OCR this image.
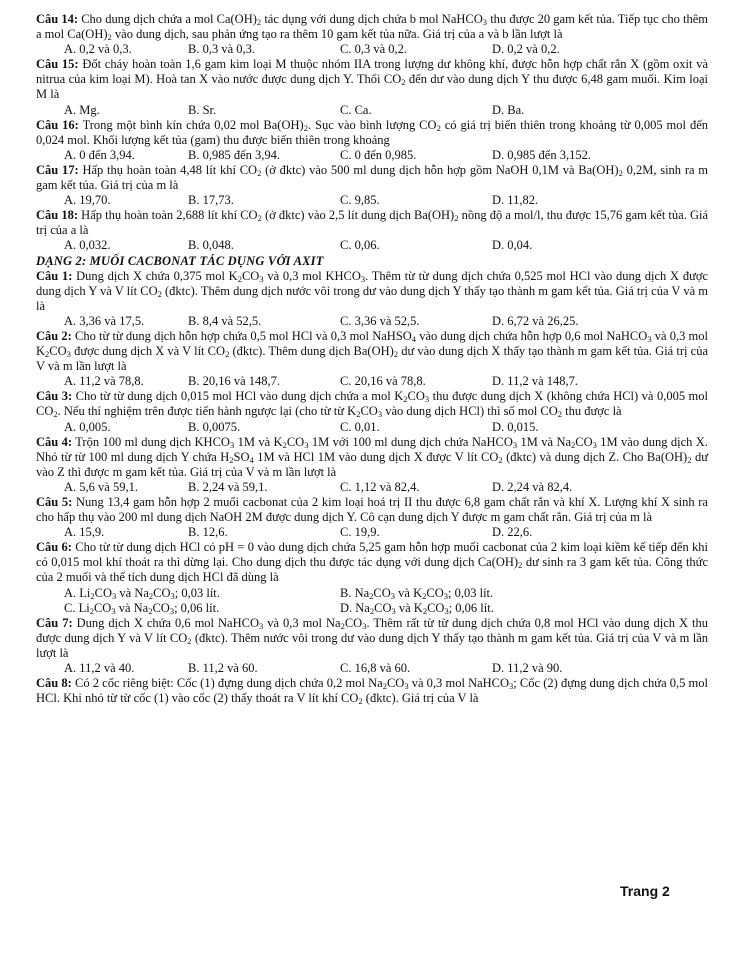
Câu 14: Cho dung dịch chứa a mol $Ca(OH)_2$ tác dụng với dung dịch chứa b mol NaHCO$_3$ thu được 20 gam kết tủa. Tiếp tục cho thêm a mol $Ca(OH)_2$ vào dung dịch, sau phản ứng tạo ra thêm 10 gam kết tủa nữa. Giá trị của a và b lần lượt là

A. 0,2 và 0,3.	B. 0,3 và 0,3.	C. 0,3 và 0,2.	D. 0,2 và 0,2.

Câu 15: Đốt cháy hoàn toàn 1,6 gam kim loại M thuộc nhóm IIA trong lượng dư không khí, được hỗn hợp chất rắn X (gồm oxit và nitrua của kim loại M). Hoà tan X vào nước được dung dịch Y. Thổi $CO_2$ đến dư vào dung dịch Y thu được 6,48 gam muối. Kim loại M là

A. Mg.	B. Sr.	C. Ca.	D. Ba.

Câu 16: Trong một bình kín chứa 0,02 mol $Ba(OH)_2$. Sục vào bình lượng $CO_2$ có giá trị biến thiên trong khoảng từ 0,005 mol đến 0,024 mol. Khối lượng kết tủa (gam) thu được biến thiên trong khoảng

A. 0 đến 3,94.	B. 0,985 đến 3,94.	C. 0 đến 0,985.	D. 0,985 đến 3,152.

Câu 17: Hấp thụ hoàn toàn 4,48 lít khí $CO_2$ (ở đktc) vào 500 ml dung dịch hỗn hợp gồm NaOH 0,1M và $Ba(OH)_2$ 0,2M, sinh ra m gam kết tủa. Giá trị của m là

A. 19,70.	B. 17,73.	C. 9,85.	D. 11,82.

Câu 18: Hấp thụ hoàn toàn 2,688 lít khí $CO_2$ (ở đktc) vào 2,5 lít dung dịch $Ba(OH)_2$ nồng độ a mol/l, thu được 15,76 gam kết tủa. Giá trị của a là

A. 0,032.	B. 0,048.	C. 0,06.	D. 0,04.

DẠNG 2: MUỐI CACBONAT TÁC DỤNG VỚI AXIT

Câu 1: Dung dịch X chứa 0,375 mol $K_2CO_3$ và 0,3 mol $KHCO_3$. Thêm từ từ dung dịch chứa 0,525 mol HCl vào dung dịch X được dung dịch Y và V lít $CO_2$ (đktc). Thêm dung dịch nước vôi trong dư vào dung dịch Y thấy tạo thành m gam kết tủa. Giá trị của V và m là

A. 3,36 và 17,5.	B. 8,4 và 52,5.	C. 3,36 và 52,5.	D. 6,72 và 26,25.

Câu 2: Cho từ từ dung dịch hỗn hợp chứa 0,5 mol HCl và 0,3 mol NaHSO$_4$ vào dung dịch chứa hỗn hợp 0,6 mol NaHCO$_3$ và 0,3 mol $K_2CO_3$ được dung dịch X và V lít $CO_2$ (đktc). Thêm dung dịch $Ba(OH)_2$ dư vào dung dịch X thấy tạo thành m gam kết tủa. Giá trị của V và m lần lượt là

A. 11,2 và 78,8.	B. 20,16 và 148,7.	C. 20,16 và 78,8.	D. 11,2 và 148,7.

Câu 3: Cho từ từ dung dịch 0,015 mol HCl vào dung dịch chứa a mol $K_2CO_3$ thu được dung dịch X (không chứa HCl) và 0,005 mol $CO_2$. Nếu thí nghiệm trên được tiến hành ngược lại (cho từ từ $K_2CO_3$ vào dung dịch HCl) thì số mol $CO_2$ thu được là

A. 0,005.	B. 0,0075.	C. 0,01.	D. 0,015.

Câu 4: Trộn 100 ml dung dịch $KHCO_3$ 1M và $K_2CO_3$ 1M với 100 ml dung dịch chứa NaHCO$_3$ 1M và $Na_2CO_3$ 1M vào dung dịch X. Nhỏ từ từ 100 ml dung dịch Y chứa $H_2SO_4$ 1M và HCl 1M vào dung dịch X được V lít $CO_2$ (đktc) và dung dịch Z. Cho $Ba(OH)_2$ dư vào Z thì được m gam kết tủa. Giá trị của V và m lần lượt là

A. 5,6 và 59,1.	B. 2,24 và 59,1.	C. 1,12 và 82,4.	D. 2,24 và 82,4.

Câu 5: Nung 13,4 gam hỗn hợp 2 muối cacbonat của 2 kim loại hoá trị II thu được 6,8 gam chất rắn và khí X. Lượng khí X sinh ra cho hấp thụ vào 200 ml dung dịch NaOH 2M được dung dịch Y. Cô cạn dung dịch Y được m gam chất rắn. Giá trị của m là

A. 15,9.	B. 12,6.	C. 19,9.	D. 22,6.

Câu 6: Cho từ từ dung dịch HCl có pH = 0 vào dung dịch chứa 5,25 gam hỗn hợp muối cacbonat của 2 kim loại kiềm kế tiếp đến khi có 0,015 mol khí thoát ra thì dừng lại. Cho dung dịch thu được tác dụng với dung dịch $Ca(OH)_2$ dư sinh ra 3 gam kết tủa. Công thức của 2 muối và thể tích dung dịch HCl đã dùng là

A. $Li_2CO_3$ và $Na_2CO_3$; 0,03 lít.	B. $Na_2CO_3$ và $K_2CO_3$; 0,03 lít.
C. $Li_2CO_3$ và $Na_2CO_3$; 0,06 lít.	D. $Na_2CO_3$ và $K_2CO_3$; 0,06 lít.

Câu 7: Dung dịch X chứa 0,6 mol NaHCO$_3$ và 0,3 mol $Na_2CO_3$. Thêm rất từ từ dung dịch chứa 0,8 mol HCl vào dung dịch X thu được dung dịch Y và V lít $CO_2$ (đktc). Thêm nước vôi trong dư vào dung dịch Y thấy tạo thành m gam kết tủa. Giá trị của V và m lần lượt là

A. 11,2 và 40.	B. 11,2 và 60.	C. 16,8 và 60.	D. 11,2 và 90.

Câu 8: Có 2 cốc riêng biệt: Cốc (1) đựng dung dịch chứa 0,2 mol $Na_2CO_3$ và 0,3 mol NaHCO$_3$; Cốc (2) đựng dung dịch chứa 0,5 mol HCl. Khi nhỏ từ từ cốc (1) vào cốc (2) thấy thoát ra V lít khí $CO_2$ (đktc). Giá trị của V là

Trang 2
